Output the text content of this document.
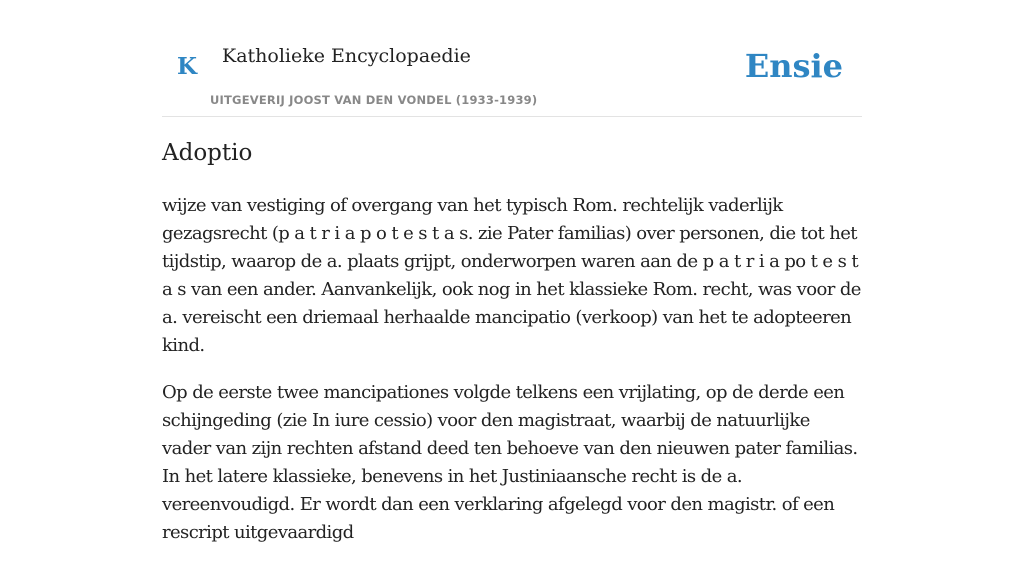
K Katholieke Encyclopaedie
UITGEVERIJ JOOST VAN DEN VONDEL (1933-1939)
Ensie
Adoptio

wijze van vestiging of overgang van het typisch Rom. rechtelijk vaderlijk gezagsrecht (p a t r i a p o t e s t a s. zie Pater familias) over personen, die tot het tijdstip, waarop de a. plaats grijpt, onderworpen waren aan de p a t r i a po t e s t a s van een ander. Aanvankelijk, ook nog in het klassieke Rom. recht, was voor de a. vereischt een driemaal herhaalde mancipatio (verkoop) van het te adopteeren kind.

Op de eerste twee mancipationes volgde telkens een vrijlating, op de derde een schijngeding (zie In iure cessio) voor den magistraat, waarbij de natuurlijke vader van zijn rechten afstand deed ten behoeve van den nieuwen pater familias. In het latere klassieke, benevens in het Justiniaansche recht is de a. vereenvoudigd. Er wordt dan een verklaring afgelegd voor den magistr. of een rescript uitgevaardigd
